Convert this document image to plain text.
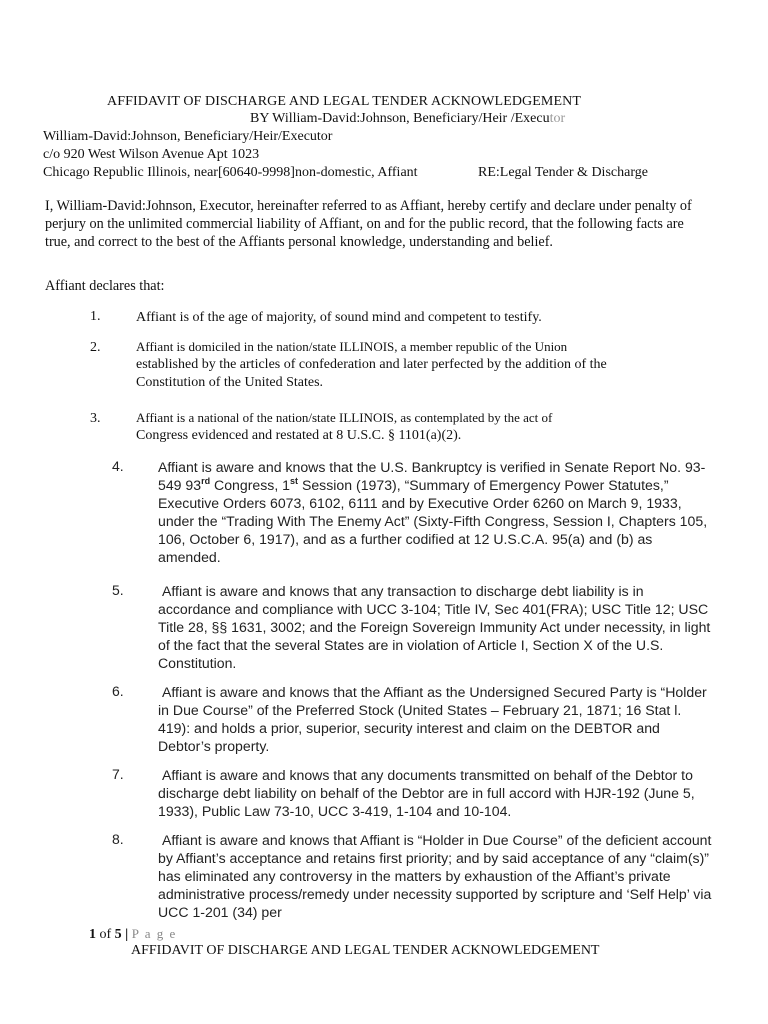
AFFIDAVIT OF DISCHARGE AND LEGAL TENDER ACKNOWLEDGEMENT
BY William-David:Johnson, Beneficiary/Heir /Executor
William-David:Johnson, Beneficiary/Heir/Executor
c/o 920 West Wilson Avenue Apt 1023
Chicago Republic Illinois, near[60640-9998]non-domestic, Affiant	RE:Legal Tender & Discharge
I, William-David:Johnson, Executor, hereinafter referred to as Affiant, hereby certify and declare under penalty of perjury on the unlimited commercial liability of Affiant, on and for the public record, that the following facts are true, and correct to the best of the Affiants personal knowledge, understanding and belief.
Affiant declares that:
1.	Affiant is of the age of majority, of sound mind and competent to testify.
2.	Affiant is domiciled in the nation/state ILLINOIS, a member republic of the Union
established by the articles of confederation and later perfected by the addition of the Constitution of the United States.
3.	Affiant is a national of the nation/state ILLINOIS, as contemplated by the act of
Congress evidenced and restated at 8 U.S.C. § 1101(a)(2).
4. Affiant is aware and knows that the U.S. Bankruptcy is verified in Senate Report No. 93-549 93rd Congress, 1st Session (1973), “Summary of Emergency Power Statutes,” Executive Orders 6073, 6102, 6111 and by Executive Order 6260 on March 9, 1933, under the “Trading With The Enemy Act” (Sixty-Fifth Congress, Session I, Chapters 105, 106, October 6, 1917), and as a further codified at 12 U.S.C.A. 95(a) and (b) as amended.
5.	Affiant is aware and knows that any transaction to discharge debt liability is in accordance and compliance with UCC 3-104; Title IV, Sec 401(FRA); USC Title 12; USC Title 28, §§ 1631, 3002; and the Foreign Sovereign Immunity Act under necessity, in light of the fact that the several States are in violation of Article I, Section X of the U.S. Constitution.
6.	Affiant is aware and knows that the Affiant as the Undersigned Secured Party is “Holder in Due Course” of the Preferred Stock (United States – February 21, 1871; 16 Stat l. 419): and holds a prior, superior, security interest and claim on the DEBTOR and Debtor’s property.
7.	Affiant is aware and knows that any documents transmitted on behalf of the Debtor to discharge debt liability on behalf of the Debtor are in full accord with HJR-192 (June 5, 1933), Public Law 73-10, UCC 3-419, 1-104 and 10-104.
8.	Affiant is aware and knows that Affiant is “Holder in Due Course” of the deficient account by Affiant’s acceptance and retains first priority; and by said acceptance of any “claim(s)” has eliminated any controversy in the matters by exhaustion of the Affiant’s private administrative process/remedy under necessity supported by scripture and ‘Self Help’ via UCC 1-201 (34) per
1 of 5 | P a g e
AFFIDAVIT OF DISCHARGE AND LEGAL TENDER ACKNOWLEDGEMENT
